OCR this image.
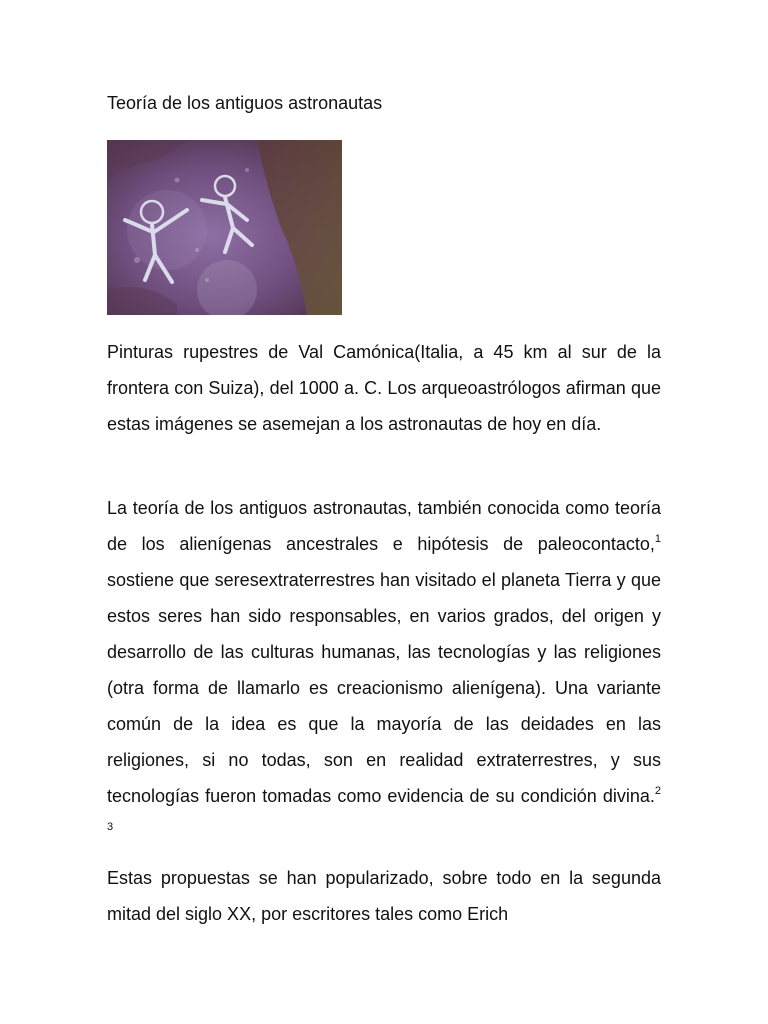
Teoría de los antiguos astronautas

Pinturas rupestres de Val Camónica(Italia, a 45 km al sur de la frontera con Suiza), del 1000 a. C. Los arqueoastrólogos afirman que estas imágenes se asemejan a los astronautas de hoy en día.

La teoría de los antiguos astronautas, también conocida como teoría de los alienígenas ancestrales e hipótesis de paleocontacto,$^1$ sostiene que seresextraterrestres han visitado el planeta Tierra y que estos seres han sido responsables, en varios grados, del origen y desarrollo de las culturas humanas, las tecnologías y las religiones (otra forma de llamarlo es creacionismo alienígena). Una variante común de la idea es que la mayoría de las deidades en las religiones, si no todas, son en realidad extraterrestres, y sus tecnologías fueron tomadas como evidencia de su condición divina.$^{2 3}$

Estas propuestas se han popularizado, sobre todo en la segunda mitad del siglo XX, por escritores tales como Erich
